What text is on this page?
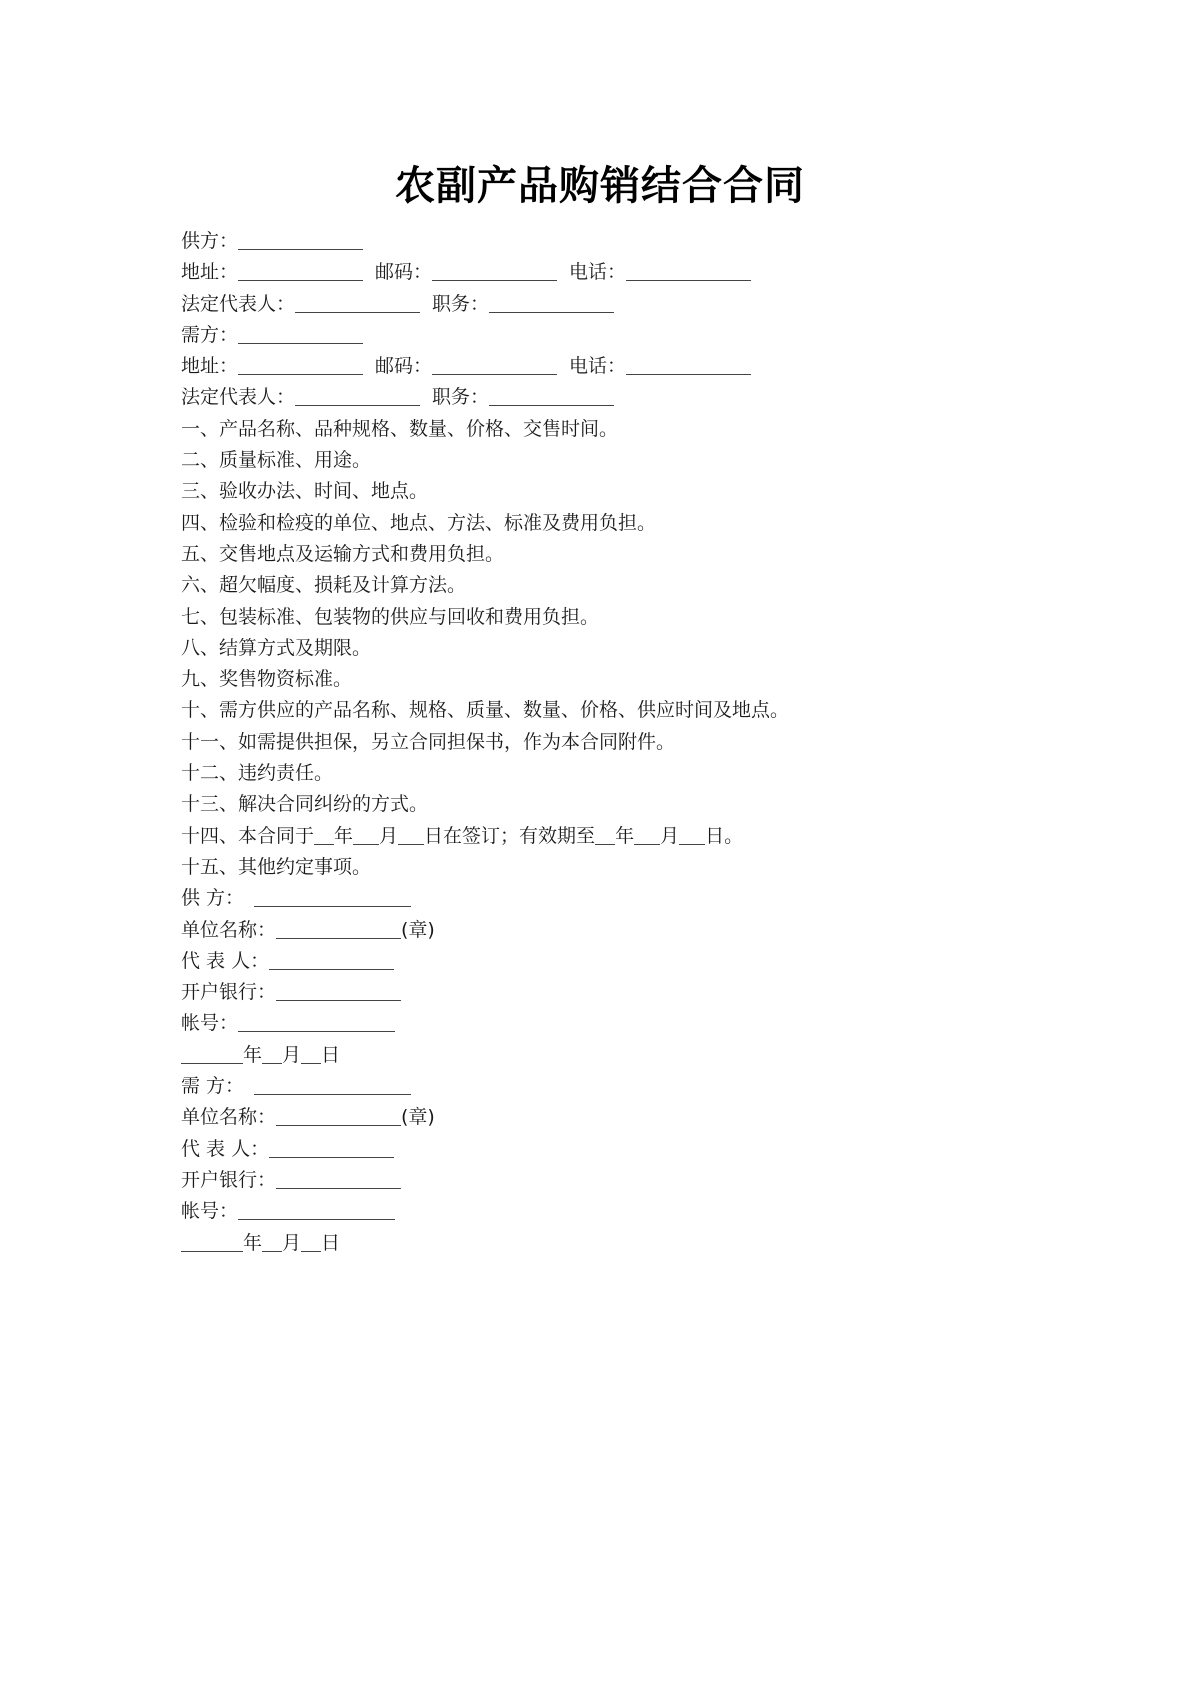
农副产品购销结合合同
供方：
地址：	邮码：	电话：
法定代表人：	职务：
需方：
地址：	邮码：	电话：
法定代表人：	职务：
一、产品名称、品种规格、数量、价格、交售时间。
二、质量标准、用途。
三、验收办法、时间、地点。
四、检验和检疫的单位、地点、方法、标准及费用负担。
五、交售地点及运输方式和费用负担。
六、超欠幅度、损耗及计算方法。
七、包装标准、包装物的供应与回收和费用负担。
八、结算方式及期限。
九、奖售物资标准。
十、需方供应的产品名称、规格、质量、数量、价格、供应时间及地点。
十一、如需提供担保，另立合同担保书，作为本合同附件。
十二、违约责任。
十三、解决合同纠纷的方式。
十四、本合同于 年 月 日在签订；有效期至 年 月 日。
十五、其他约定事项。
供 方：
单位名称：	(章)
代 表 人：
开户银行：
帐号：
年 月 日
需 方：
单位名称：	(章)
代 表 人：
开户银行：
帐号：
年 月 日
